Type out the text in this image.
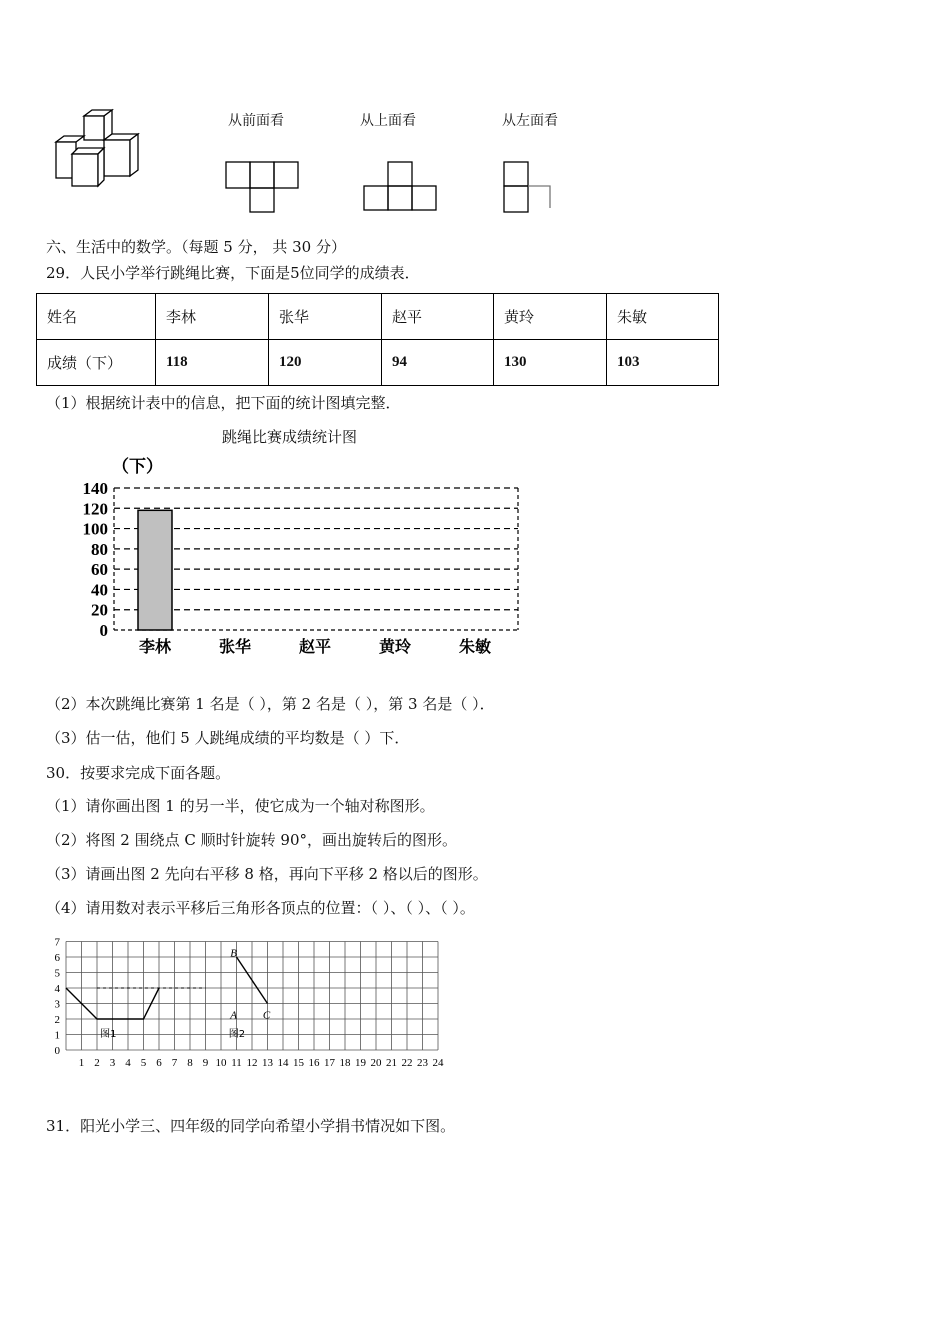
从前面看	从上面看	从左面看
六、生活中的数学。（每题 5 分， 共 30 分）
29．人民小学举行跳绳比赛，下面是5位同学的成绩表．
姓名	李林	张华	赵平	黄玲	朱敏
成绩（下）	118	120	94	130	103
（1）根据统计表中的信息，把下面的统计图填完整．
跳绳比赛成绩统计图
（下）
0
20
40
60
80
100
120
140
李林	张华	赵平	黄玲	朱敏
（2）本次跳绳比赛第 1 名是（ ），第 2 名是（ ），第 3 名是（ ）．
（3）估一估，他们 5 人跳绳成绩的平均数是（ ）下．
30．按要求完成下面各题。
（1）请你画出图 1 的另一半，使它成为一个轴对称图形。
（2）将图 2 围绕点 C 顺时针旋转 90°，画出旋转后的图形。
（3）请画出图 2 先向右平移 8 格，再向下平移 2 格以后的图形。
（4）请用数对表示平移后三角形各顶点的位置：（ ）、（ ）、（ ）。
1 2 3 4 5 6 7 8 9 10 11 12 13 14 15 16 17 18 19 20 21 22 23 24
0
1
2
3
4
5
6
7
图1
B
A C
图2
31．阳光小学三、四年级的同学向希望小学捐书情况如下图。
